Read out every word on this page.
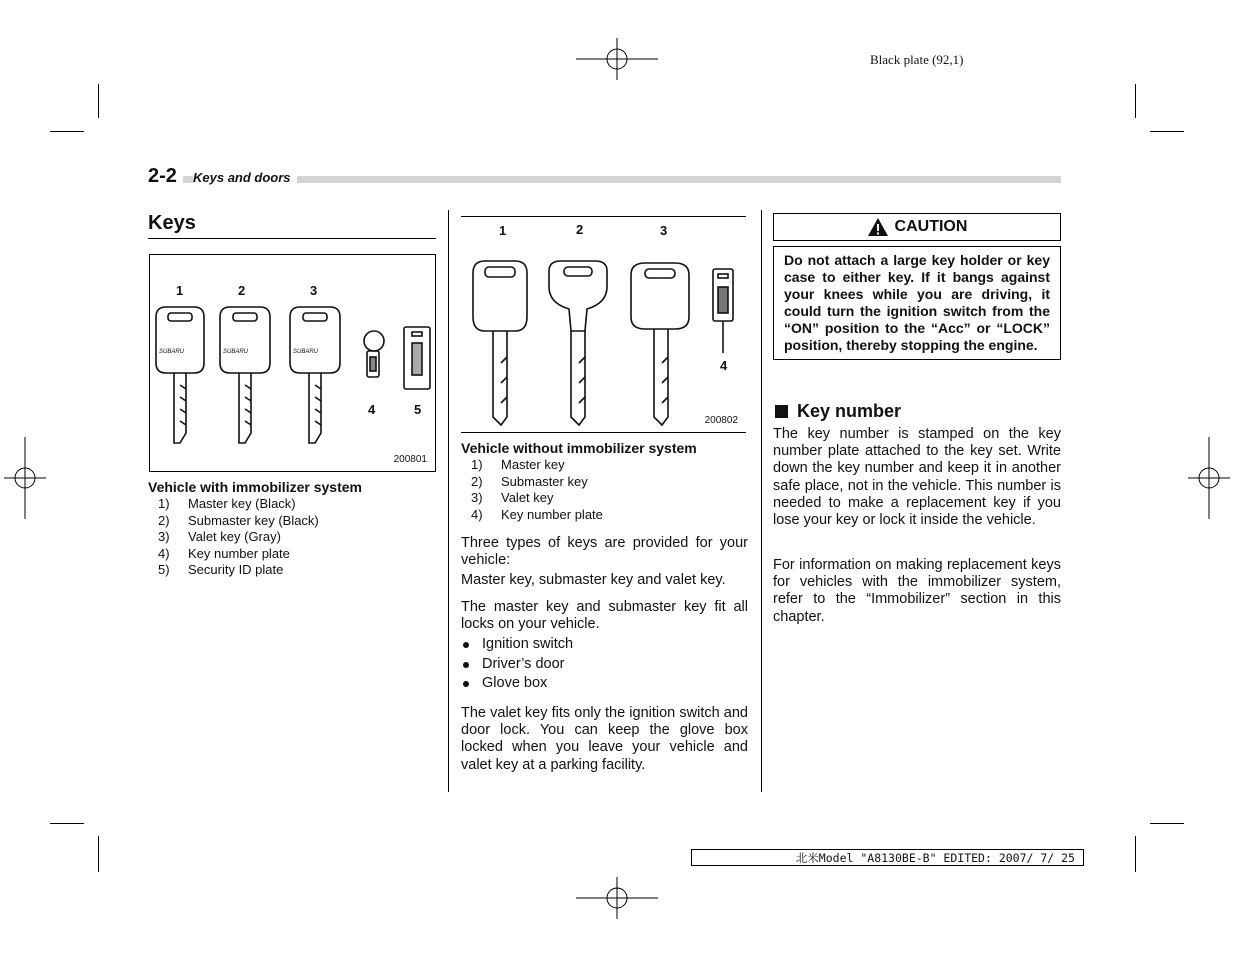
Black plate (92,1)
2-2	Keys and doors
Keys
1	2	3
4	5
SUBARU	SUBARU	SUBARU
200801
Vehicle with immobilizer system
1)	Master key (Black)
2)	Submaster key (Black)
3)	Valet key (Gray)
4)	Key number plate
5)	Security ID plate
1	2	3
4
200802
Vehicle without immobilizer system
1)	Master key
2)	Submaster key
3)	Valet key
4)	Key number plate
Three types of keys are provided for your vehicle:
Master key, submaster key and valet key.
The master key and submaster key fit all locks on your vehicle.
Ignition switch
Driver’s door
Glove box
The valet key fits only the ignition switch and door lock. You can keep the glove box locked when you leave your vehicle and valet key at a parking facility.
CAUTION
Do not attach a large key holder or key case to either key. If it bangs against your knees while you are driving, it could turn the ignition switch from the “ON” position to the “Acc” or “LOCK” position, thereby stopping the engine.
Key number
The key number is stamped on the key number plate attached to the key set. Write down the key number and keep it in another safe place, not in the vehicle. This number is needed to make a replacement key if you lose your key or lock it inside the vehicle.
For information on making replacement keys for vehicles with the immobilizer system, refer to the “Immobilizer” section in this chapter.
北米Model "A8130BE-B" EDITED: 2007/ 7/ 25
